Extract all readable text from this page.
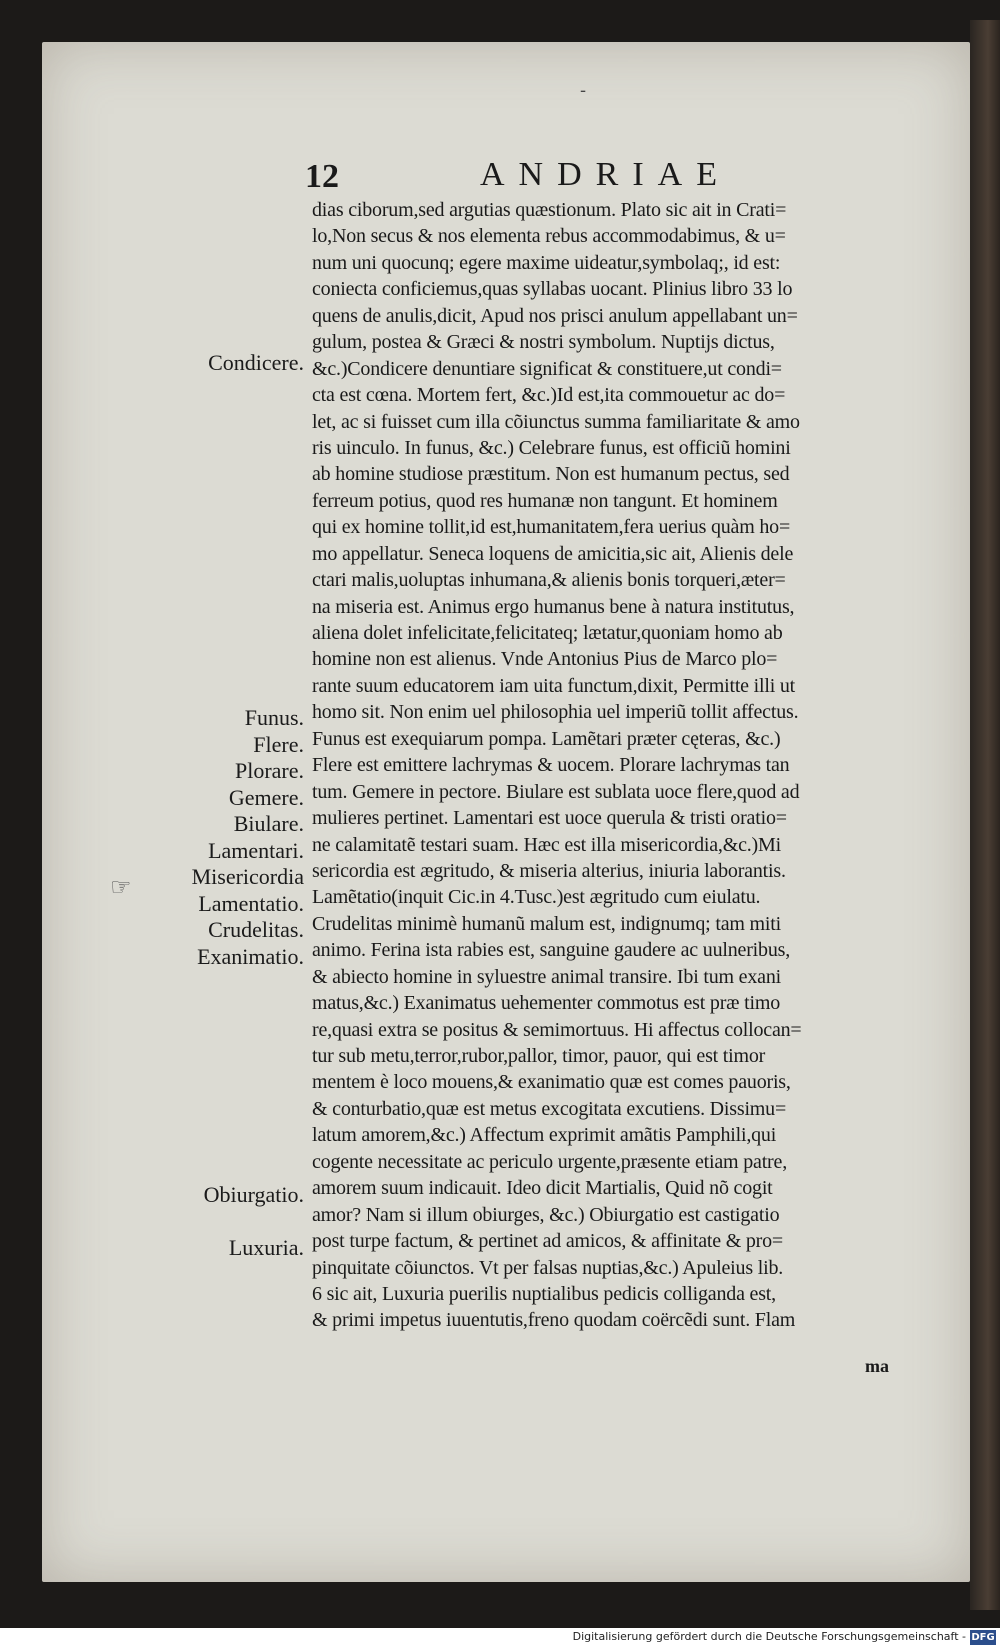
-
12	ANDRIAE
Condicere.
Funus.
Flere.
Plorare.
Gemere.
Biulare.
Lamentari.
Misericordia
Lamentatio.
Crudelitas.
Exanimatio.
Obiurgatio.
Luxuria.
☞
dias ciborum,sed argutias quæstionum. Plato sic ait in Crati=
lo,Non secus & nos elementa rebus accommodabimus, & u=
num uni quocunq; egere maxime uideatur,symbolaq;, id est:
coniecta conficiemus,quas syllabas uocant. Plinius libro 33 lo
quens de anulis,dicit, Apud nos prisci anulum appellabant un=
gulum, postea & Græci & nostri symbolum. Nuptijs dictus,
&c.)Condicere denuntiare significat & constituere,ut condi=
cta est cœna. Mortem fert, &c.)Id est,ita commouetur ac do=
let, ac si fuisset cum illa cõiunctus summa familiaritate & amo
ris uinculo. In funus, &c.) Celebrare funus, est officiũ homini
ab homine studiose præstitum. Non est humanum pectus, sed
ferreum potius, quod res humanæ non tangunt. Et hominem
qui ex homine tollit,id est,humanitatem,fera uerius quàm ho=
mo appellatur. Seneca loquens de amicitia,sic ait, Alienis dele
ctari malis,uoluptas inhumana,& alienis bonis torqueri,æter=
na miseria est. Animus ergo humanus bene à natura institutus,
aliena dolet infelicitate,felicitateq; lætatur,quoniam homo ab
homine non est alienus. Vnde Antonius Pius de Marco plo=
rante suum educatorem iam uita functum,dixit, Permitte illi ut
homo sit. Non enim uel philosophia uel imperiũ tollit affectus.
Funus est exequiarum pompa. Lamẽtari præter cęteras, &c.)
Flere est emittere lachrymas & uocem. Plorare lachrymas tan
tum. Gemere in pectore. Biulare est sublata uoce flere,quod ad
mulieres pertinet. Lamentari est uoce querula & tristi oratio=
ne calamitatẽ testari suam. Hæc est illa misericordia,&c.)Mi
sericordia est ægritudo, & miseria alterius, iniuria laborantis.
Lamẽtatio(inquit Cic.in 4.Tusc.)est ægritudo cum eiulatu.
Crudelitas minimè humanũ malum est, indignumq; tam miti
animo. Ferina ista rabies est, sanguine gaudere ac uulneribus,
& abiecto homine in syluestre animal transire. Ibi tum exani
matus,&c.) Exanimatus uehementer commotus est præ timo
re,quasi extra se positus & semimortuus. Hi affectus collocan=
tur sub metu,terror,rubor,pallor, timor, pauor, qui est timor
mentem è loco mouens,& exanimatio quæ est comes pauoris,
& conturbatio,quæ est metus excogitata excutiens. Dissimu=
latum amorem,&c.) Affectum exprimit amãtis Pamphili,qui
cogente necessitate ac periculo urgente,præsente etiam patre,
amorem suum indicauit. Ideo dicit Martialis, Quid nõ cogit
amor? Nam si illum obiurges, &c.) Obiurgatio est castigatio
post turpe factum, & pertinet ad amicos, & affinitate & pro=
pinquitate cõiunctos. Vt per falsas nuptias,&c.) Apuleius lib.
6 sic ait, Luxuria puerilis nuptialibus pedicis colliganda est,
& primi impetus iuuentutis,freno quodam coërcẽdi sunt. Flam
ma
Digitalisierung gefördert durch die Deutsche Forschungsgemeinschaft - DFG
